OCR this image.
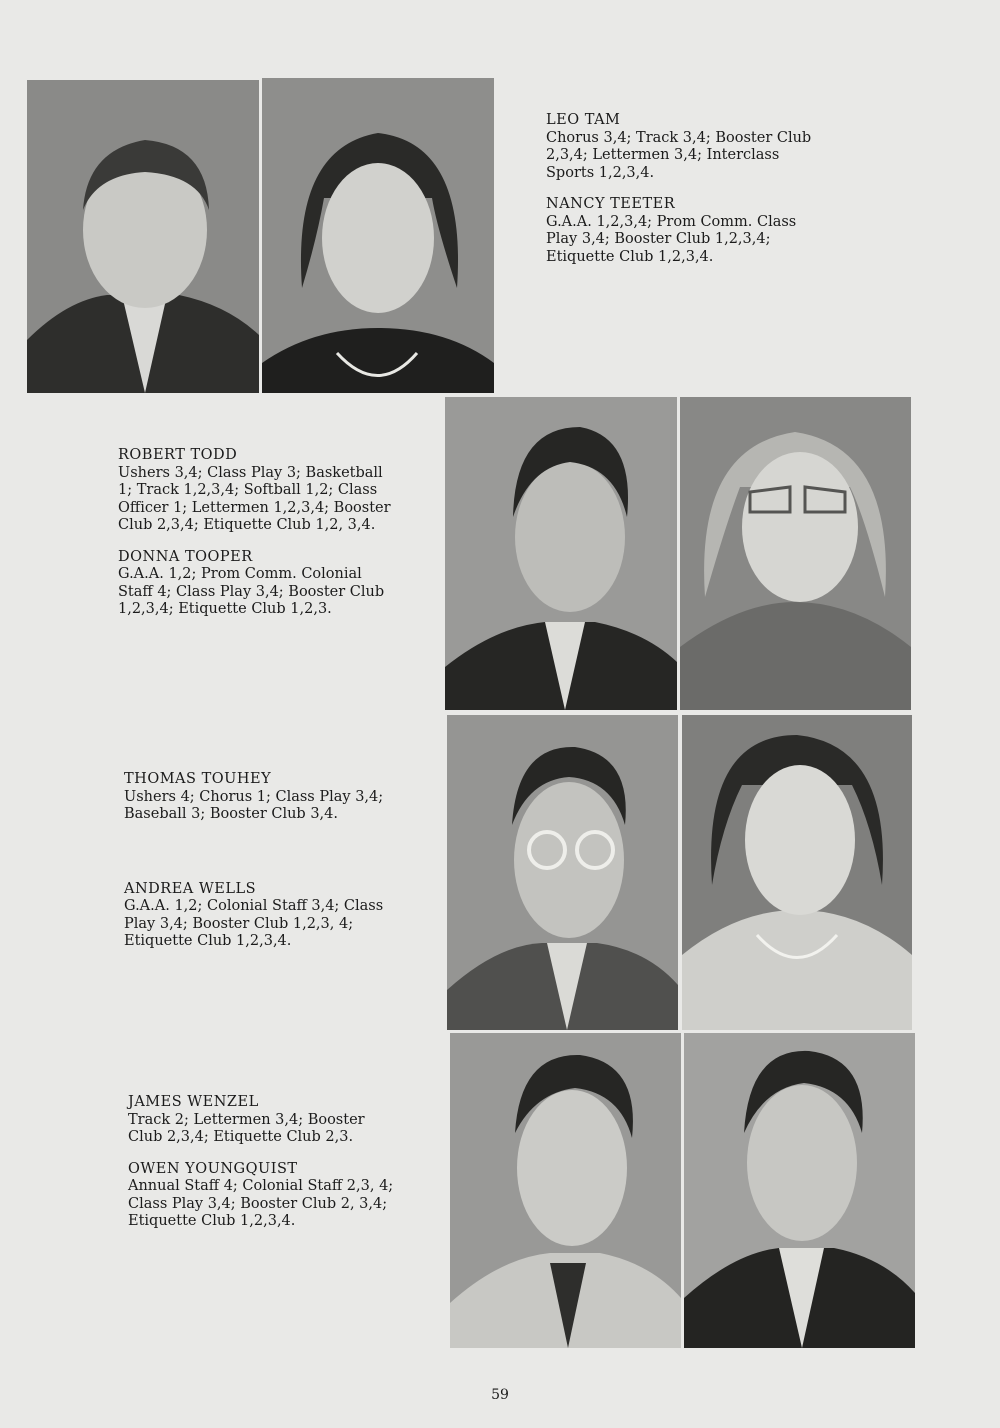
LEO TAM
Chorus 3,4; Track 3,4; Booster Club 2,3,4; Lettermen 3,4; Interclass Sports 1,2,3,4.
NANCY TEETER
G.A.A. 1,2,3,4; Prom Comm. Class Play 3,4; Booster Club 1,2,3,4; Etiquette Club 1,2,3,4.
ROBERT TODD
Ushers 3,4; Class Play 3; Basketball 1; Track 1,2,3,4; Softball 1,2; Class Officer 1; Lettermen 1,2,3,4; Booster Club 2,3,4; Etiquette Club 1,2, 3,4.
DONNA TOOPER
G.A.A. 1,2; Prom Comm. Colonial Staff 4; Class Play 3,4; Booster Club 1,2,3,4; Etiquette Club 1,2,3.
THOMAS TOUHEY
Ushers 4; Chorus 1; Class Play 3,4; Baseball 3; Booster Club 3,4.
ANDREA WELLS
G.A.A. 1,2; Colonial Staff 3,4; Class Play 3,4; Booster Club 1,2,3, 4; Etiquette Club 1,2,3,4.
JAMES WENZEL
Track 2; Lettermen 3,4; Booster Club 2,3,4; Etiquette Club 2,3.
OWEN YOUNGQUIST
Annual Staff 4; Colonial Staff 2,3, 4; Class Play 3,4; Booster Club 2, 3,4; Etiquette Club 1,2,3,4.
59
